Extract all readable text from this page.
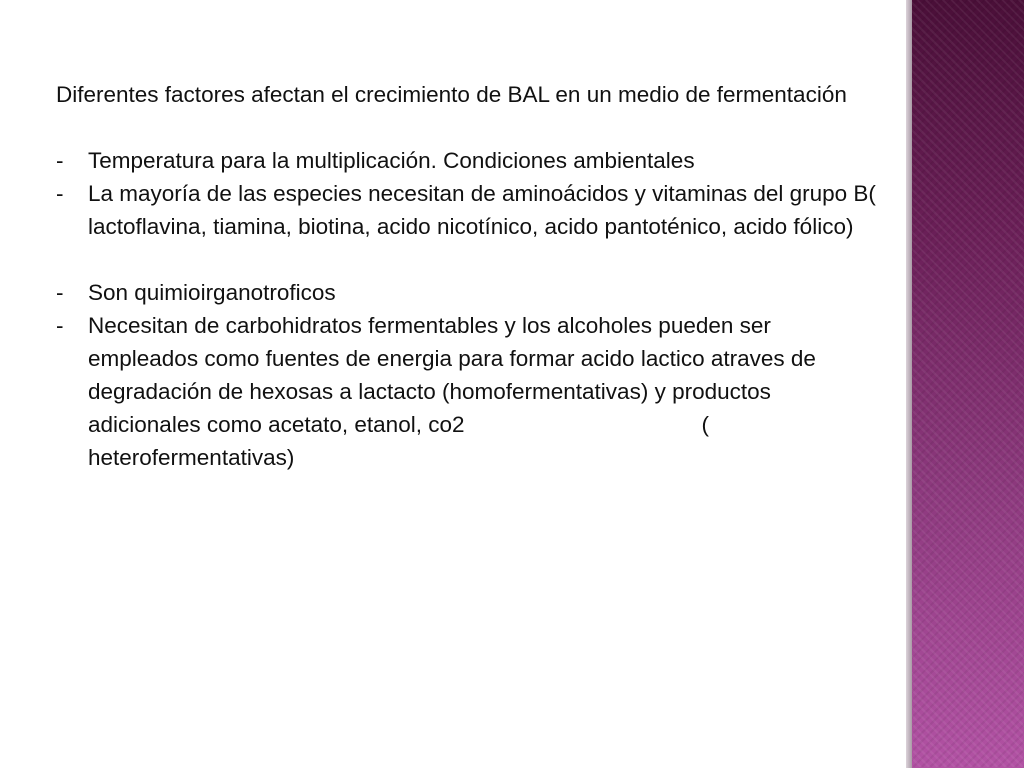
Diferentes factores afectan el crecimiento de BAL en un medio de fermentación

- Temperatura para la multiplicación. Condiciones ambientales
- La mayoría de las especies necesitan de aminoácidos y vitaminas del grupo B( lactoflavina, tiamina, biotina, acido nicotínico, acido pantoténico, acido fólico)
- Son quimioirganotroficos
- Necesitan de carbohidratos fermentables y los alcoholes pueden ser empleados como fuentes de energia para formar acido lactico atraves de degradación de hexosas a lactacto (homofermentativas) y productos adicionales como acetato, etanol, co2	( heterofermentativas)
